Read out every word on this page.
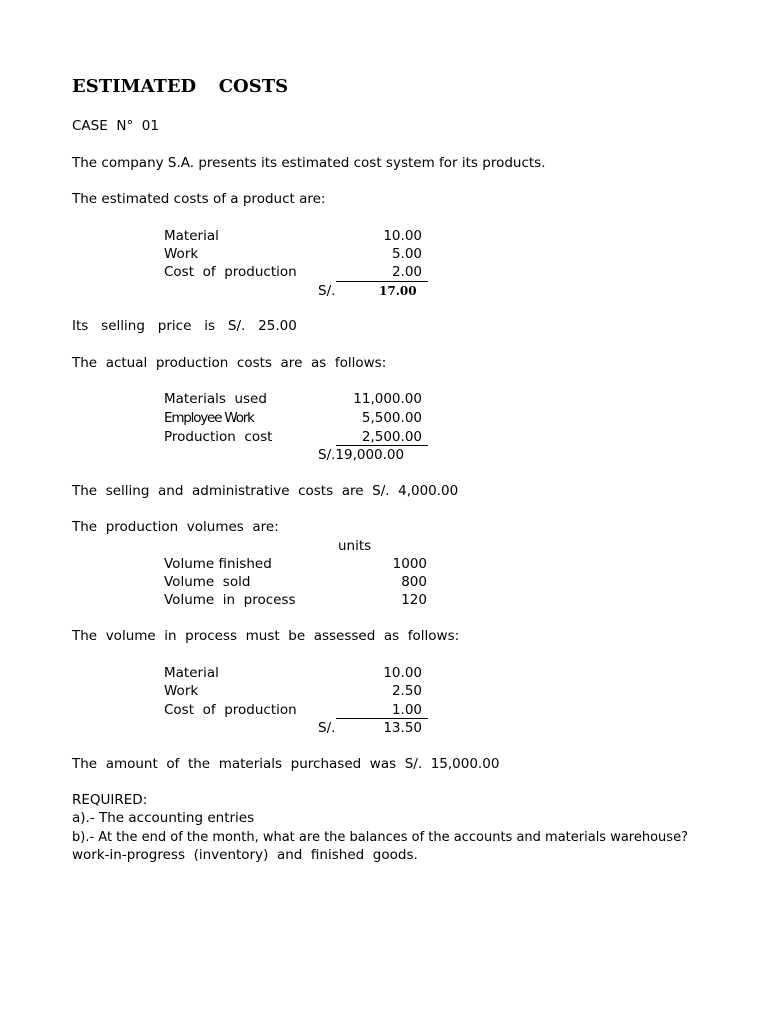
ESTIMATED  COSTS
CASE  N°  01
The company S.A. presents its estimated cost system for its products.
The estimated costs of a product are:
Material	10.00
Work	5.00
Cost  of  production	2.00
S/.	17.00
Its   selling   price   is   S/.   25.00
The  actual  production  costs  are  as  follows:
Materials  used	11,000.00
Employee Work	5,500.00
Production  cost	2,500.00
S/.19,000.00
The  selling  and  administrative  costs  are  S/.  4,000.00
The  production  volumes  are:
units
Volume finished	1000
Volume  sold	800
Volume  in  process	120
The  volume  in  process  must  be  assessed  as  follows:
Material	10.00
Work	2.50
Cost  of  production	1.00
S/.	13.50
The  amount  of  the  materials  purchased  was  S/.  15,000.00
REQUIRED:
a).- The accounting entries
b).- At the end of the month, what are the balances of the accounts and materials warehouse?
work-in-progress  (inventory)  and  finished  goods.
